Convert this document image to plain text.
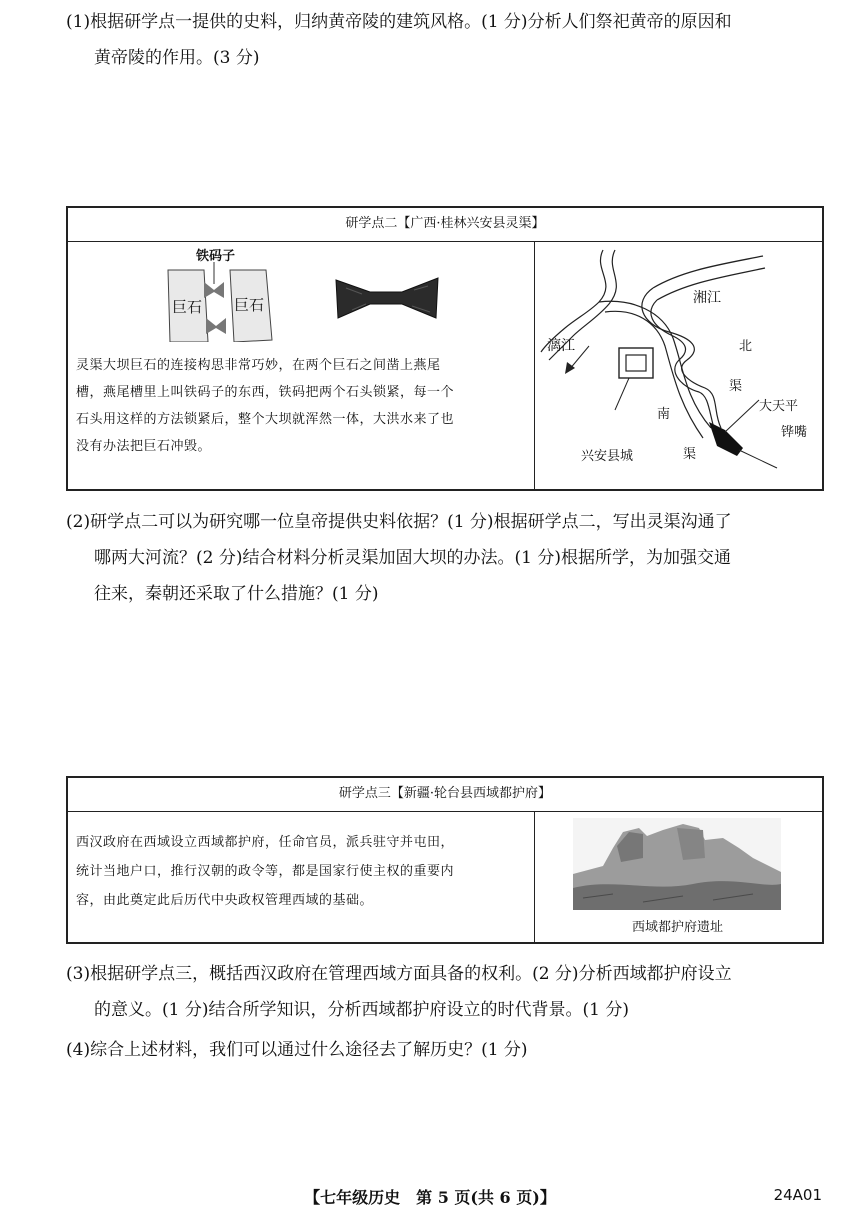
(1)根据研学点一提供的史料，归纳黄帝陵的建筑风格。(1 分)分析人们祭祀黄帝的原因和
黄帝陵的作用。(3 分)
研学点二【广西·桂林兴安县灵渠】
铁码子
巨石 巨石
灵渠大坝巨石的连接构思非常巧妙，在两个巨石之间凿上燕尾
槽，燕尾槽里上叫铁码子的东西，铁码把两个石头锁紧，每一个
石头用这样的方法锁紧后，整个大坝就浑然一体，大洪水来了也
没有办法把巨石冲毁。
湘江
漓江	北
渠
南
渠
大天平
铧嘴
兴安县城
(2)研学点二可以为研究哪一位皇帝提供史料依据？(1 分)根据研学点二，写出灵渠沟通了
哪两大河流？(2 分)结合材料分析灵渠加固大坝的办法。(1 分)根据所学，为加强交通
往来，秦朝还采取了什么措施？(1 分)
研学点三【新疆·轮台县西域都护府】
西汉政府在西域设立西域都护府，任命官员，派兵驻守并屯田，
统计当地户口，推行汉朝的政令等，都是国家行使主权的重要内
容，由此奠定此后历代中央政权管理西域的基础。
西域都护府遗址
(3)根据研学点三，概括西汉政府在管理西域方面具备的权利。(2 分)分析西域都护府设立
的意义。(1 分)结合所学知识，分析西域都护府设立的时代背景。(1 分)
(4)综合上述材料，我们可以通过什么途径去了解历史？(1 分)
【七年级历史　第 5 页(共 6 页)】	24A01
